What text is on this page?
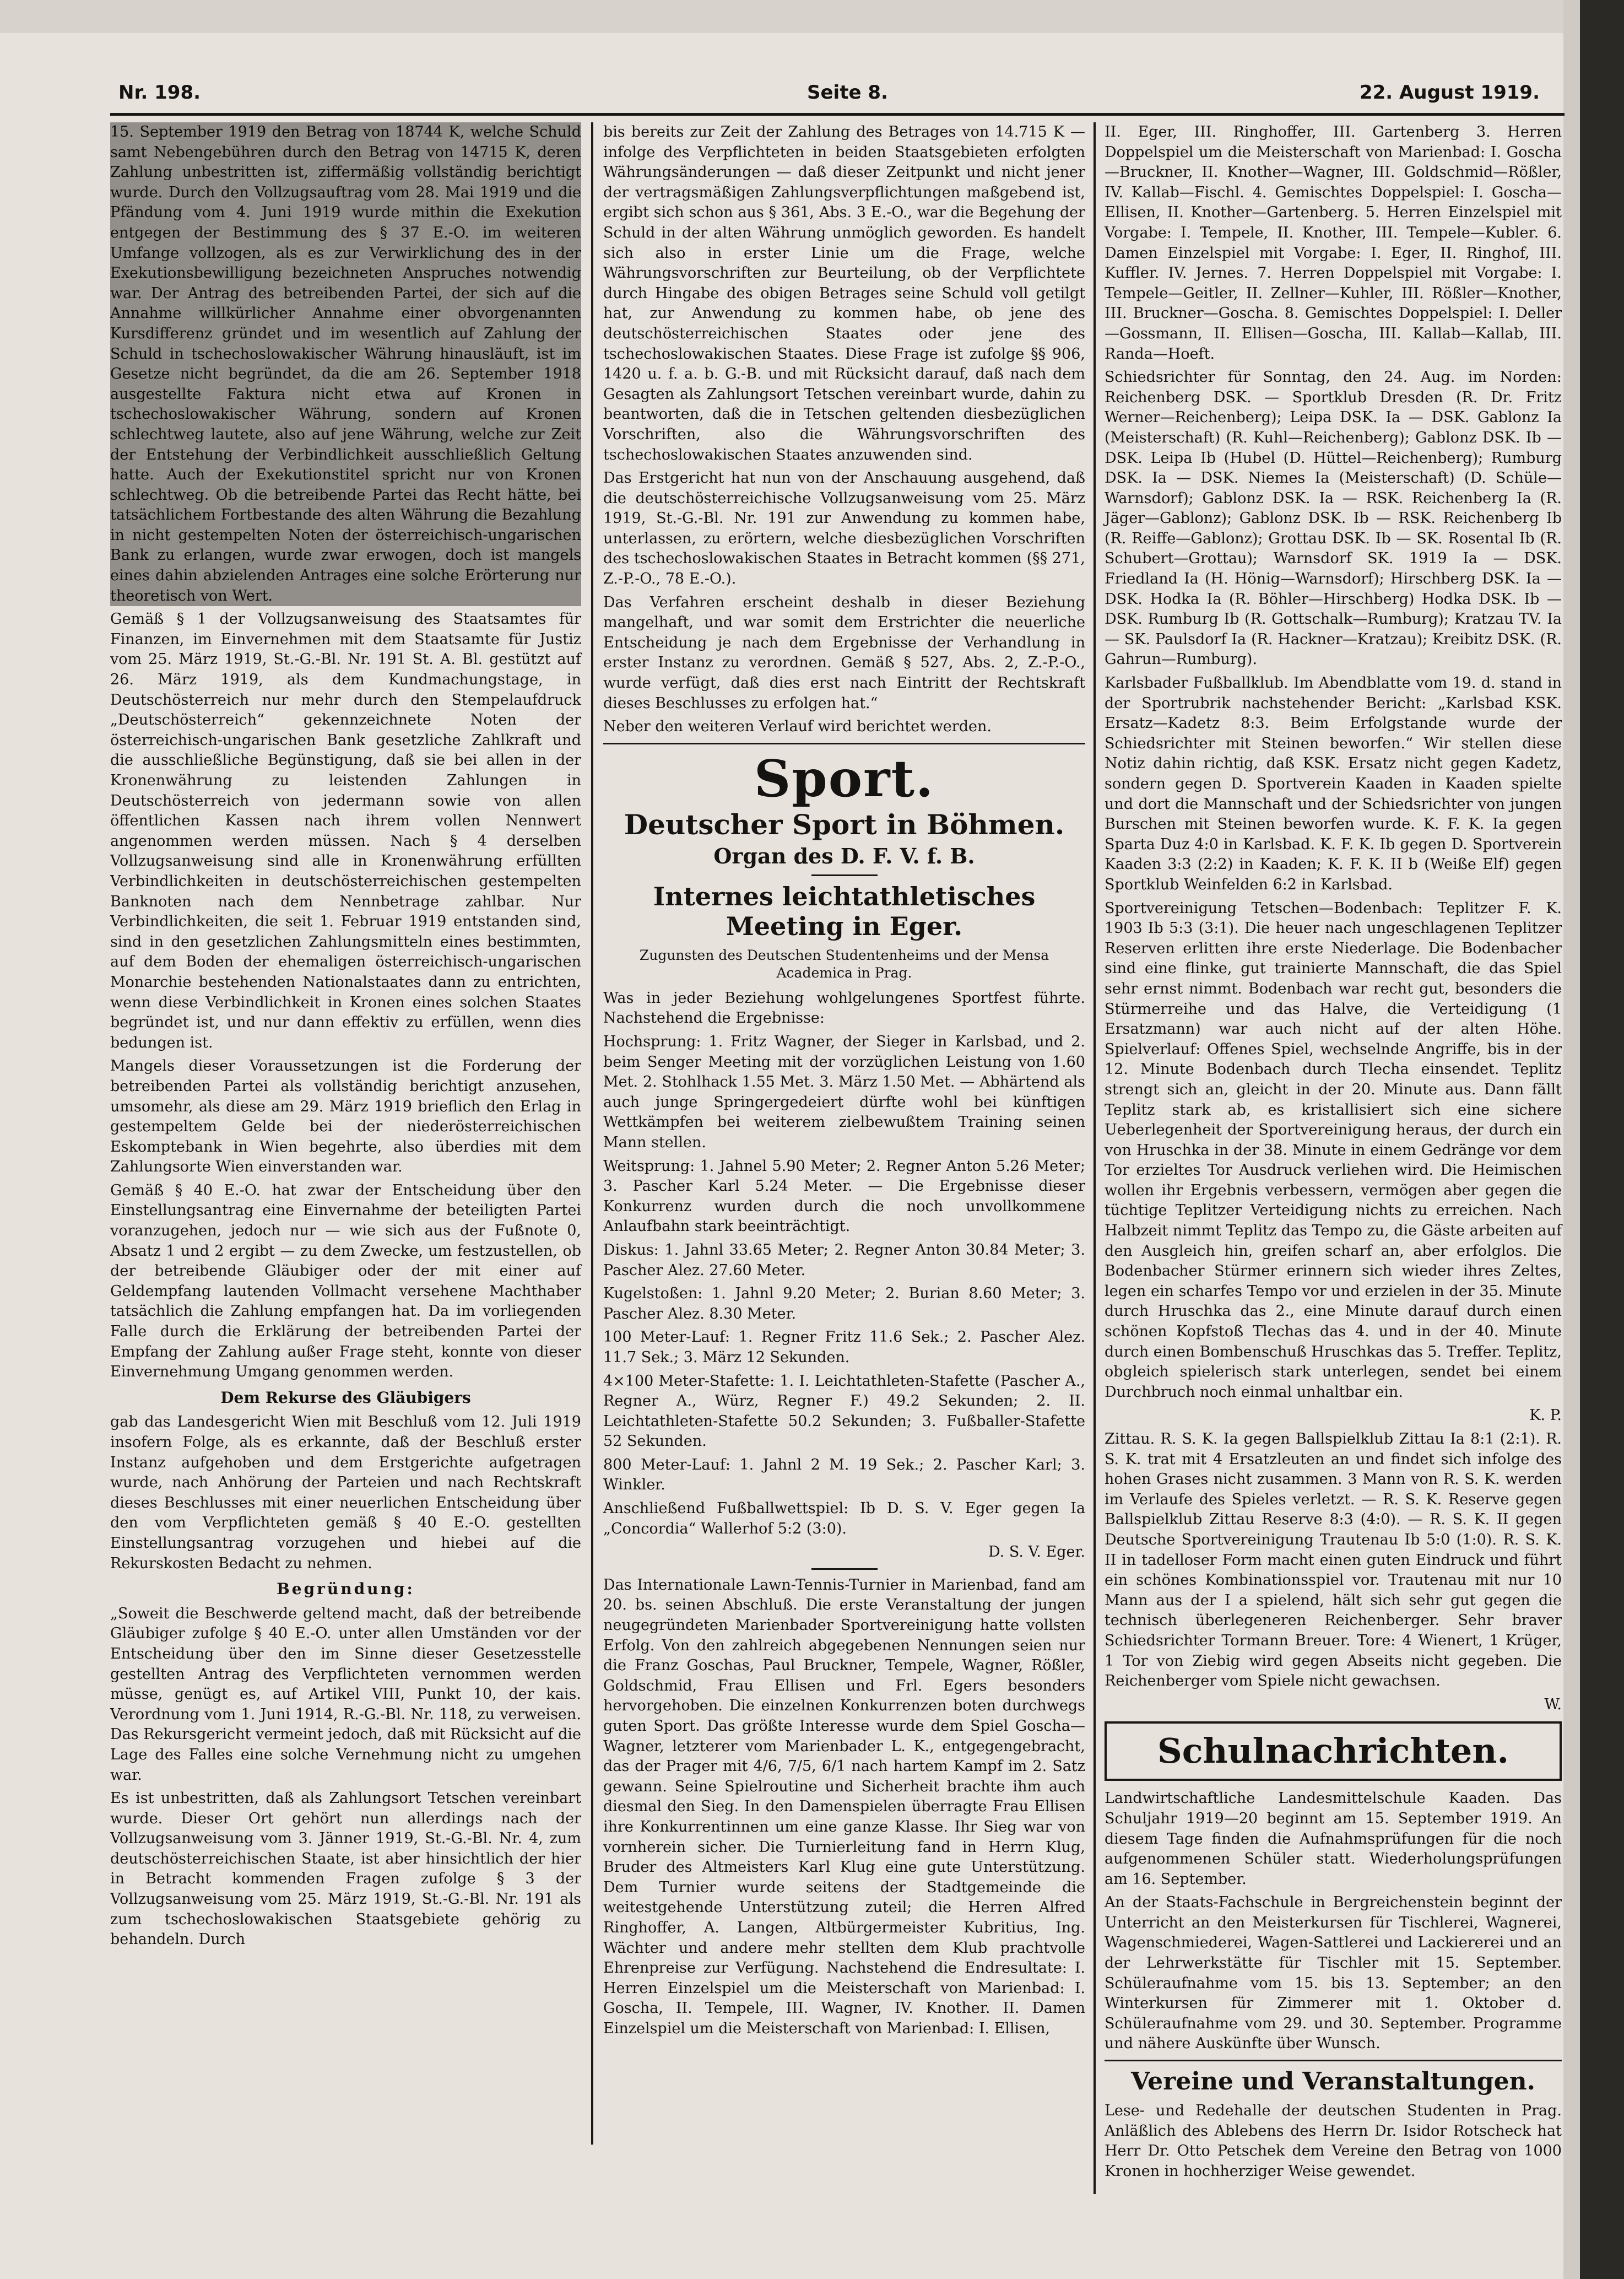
Nr. 198.	Seite 8.	22. August 1919.

15. September 1919 den Betrag von 18744 K, welche Schuld samt Nebengebühren durch den Betrag von 14715 K, deren Zahlung unbestritten ist, ziffermäßig vollständig berichtigt wurde. Durch den Vollzugsauftrag vom 28. Mai 1919 und die Pfändung vom 4. Juni 1919 wurde mithin die Exekution entgegen der Bestimmung des § 37 E.-O. im weiteren Umfange vollzogen, als es zur Verwirklichung des in der Exekutionsbewilligung bezeichneten Anspruches notwendig war. Der Antrag des betreibenden Partei, der sich auf die Annahme willkürlicher Annahme einer obvorgenannten Kursdifferenz gründet und im wesentlich auf Zahlung der Schuld in tschechoslowakischer Währung hinausläuft, ist im Gesetze nicht begründet, da die am 26. September 1918 ausgestellte Faktura nicht etwa auf Kronen in tschechoslowakischer Währung, sondern auf Kronen schlechtweg lautete, also auf jene Währung, welche zur Zeit der Entstehung der Verbindlichkeit ausschließlich Geltung hatte. Auch der Exekutionstitel spricht nur von Kronen schlechtweg. Ob die betreibende Partei das Recht hätte, bei tatsächlichem Fortbestande des alten Währung die Bezahlung in nicht gestempelten Noten der österreichisch-ungarischen Bank zu erlangen, wurde zwar erwogen, doch ist mangels eines dahin abzielenden Antrages eine solche Erörterung nur theoretisch von Wert.

Gemäß § 1 der Vollzugsanweisung des Staatsamtes für Finanzen, im Einvernehmen mit dem Staatsamte für Justiz vom 25. März 1919, St.-G.-Bl. Nr. 191 St. A. Bl. gestützt auf 26. März 1919, als dem Kundmachungstage, in Deutschösterreich nur mehr durch den Stempelaufdruck „Deutschösterreich“ gekennzeichnete Noten der österreichisch-ungarischen Bank gesetzliche Zahlkraft und die ausschließliche Begünstigung, daß sie bei allen in der Kronenwährung zu leistenden Zahlungen in Deutschösterreich von jedermann sowie von allen öffentlichen Kassen nach ihrem vollen Nennwert angenommen werden müssen. Nach § 4 derselben Vollzugsanweisung sind alle in Kronenwährung erfüllten Verbindlichkeiten in deutschösterreichischen gestempelten Banknoten nach dem Nennbetrage zahlbar. Nur Verbindlichkeiten, die seit 1. Februar 1919 entstanden sind, sind in den gesetzlichen Zahlungsmitteln eines bestimmten, auf dem Boden der ehemaligen österreichisch-ungarischen Monarchie bestehenden Nationalstaates dann zu entrichten, wenn diese Verbindlichkeit in Kronen eines solchen Staates begründet ist, und nur dann effektiv zu erfüllen, wenn dies bedungen ist.

Mangels dieser Voraussetzungen ist die Forderung der betreibenden Partei als vollständig berichtigt anzusehen, umsomehr, als diese am 29. März 1919 brieflich den Erlag in gestempeltem Gelde bei der niederösterreichischen Eskomptebank in Wien begehrte, also überdies mit dem Zahlungsorte Wien einverstanden war.

Gemäß § 40 E.-O. hat zwar der Entscheidung über den Einstellungsantrag eine Einvernahme der beteiligten Partei voranzugehen, jedoch nur — wie sich aus der Fußnote 0, Absatz 1 und 2 ergibt — zu dem Zwecke, um festzustellen, ob der betreibende Gläubiger oder der mit einer auf Geldempfang lautenden Vollmacht versehene Machthaber tatsächlich die Zahlung empfangen hat. Da im vorliegenden Falle durch die Erklärung der betreibenden Partei der Empfang der Zahlung außer Frage steht, konnte von dieser Einvernehmung Umgang genommen werden.

Dem Rekurse des Gläubigers

gab das Landesgericht Wien mit Beschluß vom 12. Juli 1919 insofern Folge, als es erkannte, daß der Beschluß erster Instanz aufgehoben und dem Erstgerichte aufgetragen wurde, nach Anhörung der Parteien und nach Rechtskraft dieses Beschlusses mit einer neuerlichen Entscheidung über den vom Verpflichteten gemäß § 40 E.-O. gestellten Einstellungsantrag vorzugehen und hiebei auf die Rekurskosten Bedacht zu nehmen.

Begründung:

„Soweit die Beschwerde geltend macht, daß der betreibende Gläubiger zufolge § 40 E.-O. unter allen Umständen vor der Entscheidung über den im Sinne dieser Gesetzesstelle gestellten Antrag des Verpflichteten vernommen werden müsse, genügt es, auf Artikel VIII, Punkt 10, der kais. Verordnung vom 1. Juni 1914, R.-G.-Bl. Nr. 118, zu verweisen. Das Rekursgericht vermeint jedoch, daß mit Rücksicht auf die Lage des Falles eine solche Vernehmung nicht zu umgehen war.

Es ist unbestritten, daß als Zahlungsort Tetschen vereinbart wurde. Dieser Ort gehört nun allerdings nach der Vollzugsanweisung vom 3. Jänner 1919, St.-G.-Bl. Nr. 4, zum deutschösterreichischen Staate, ist aber hinsichtlich der hier in Betracht kommenden Fragen zufolge § 3 der Vollzugsanweisung vom 25. März 1919, St.-G.-Bl. Nr. 191 als zum tschechoslowakischen Staatsgebiete gehörig zu behandeln. Durch

bis bereits zur Zeit der Zahlung des Betrages von 14.715 K — infolge des Verpflichteten in beiden Staatsgebieten erfolgten Währungsänderungen — daß dieser Zeitpunkt und nicht jener der vertragsmäßigen Zahlungsverpflichtungen maßgebend ist, ergibt sich schon aus § 361, Abs. 3 E.-O., war die Begehung der Schuld in der alten Währung unmöglich geworden. Es handelt sich also in erster Linie um die Frage, welche Währungsvorschriften zur Beurteilung, ob der Verpflichtete durch Hingabe des obigen Betrages seine Schuld voll getilgt hat, zur Anwendung zu kommen habe, ob jene des deutschösterreichischen Staates oder jene des tschechoslowakischen Staates. Diese Frage ist zufolge §§ 906, 1420 u. f. a. b. G.-B. und mit Rücksicht darauf, daß nach dem Gesagten als Zahlungsort Tetschen vereinbart wurde, dahin zu beantworten, daß die in Tetschen geltenden diesbezüglichen Vorschriften, also die Währungsvorschriften des tschechoslowakischen Staates anzuwenden sind.

Das Erstgericht hat nun von der Anschauung ausgehend, daß die deutschösterreichische Vollzugsanweisung vom 25. März 1919, St.-G.-Bl. Nr. 191 zur Anwendung zu kommen habe, unterlassen, zu erörtern, welche diesbezüglichen Vorschriften des tschechoslowakischen Staates in Betracht kommen (§§ 271, Z.-P.-O., 78 E.-O.).

Das Verfahren erscheint deshalb in dieser Beziehung mangelhaft, und war somit dem Erstrichter die neuerliche Entscheidung je nach dem Ergebnisse der Verhandlung in erster Instanz zu verordnen. Gemäß § 527, Abs. 2, Z.-P.-O., wurde verfügt, daß dies erst nach Eintritt der Rechtskraft dieses Beschlusses zu erfolgen hat.“

Neber den weiteren Verlauf wird berichtet werden.

Sport.
Deutscher Sport in Böhmen.
Organ des D. F. V. f. B.
Internes leichtathletisches Meeting in Eger.
Zugunsten des Deutschen Studentenheims und der Mensa Academica in Prag.

Was in jeder Beziehung wohlgelungenes Sportfest führte. Nachstehend die Ergebnisse:

Hochsprung: 1. Fritz Wagner, der Sieger in Karlsbad, und 2. beim Senger Meeting mit der vorzüglichen Leistung von 1.60 Met. 2. Stohlhack 1.55 Met. 3. März 1.50 Met. — Abhärtend als auch junge Springergedeiert dürfte wohl bei künftigen Wettkämpfen bei weiterem zielbewußtem Training seinen Mann stellen.

Weitsprung: 1. Jahnel 5.90 Meter; 2. Regner Anton 5.26 Meter; 3. Pascher Karl 5.24 Meter. — Die Ergebnisse dieser Konkurrenz wurden durch die noch unvollkommene Anlaufbahn stark beeinträchtigt.

Diskus: 1. Jahnl 33.65 Meter; 2. Regner Anton 30.84 Meter; 3. Pascher Alez. 27.60 Meter.

Kugelstoßen: 1. Jahnl 9.20 Meter; 2. Burian 8.60 Meter; 3. Pascher Alez. 8.30 Meter.

100 Meter-Lauf: 1. Regner Fritz 11.6 Sek.; 2. Pascher Alez. 11.7 Sek.; 3. März 12 Sekunden.

4×100 Meter-Stafette: 1. I. Leichtathleten-Stafette (Pascher A., Regner A., Würz, Regner F.) 49.2 Sekunden; 2. II. Leichtathleten-Stafette 50.2 Sekunden; 3. Fußballer-Stafette 52 Sekunden.

800 Meter-Lauf: 1. Jahnl 2 M. 19 Sek.; 2. Pascher Karl; 3. Winkler.

Anschließend Fußballwettspiel: Ib D. S. V. Eger gegen Ia „Concordia“ Wallerhof 5:2 (3:0).

D. S. V. Eger.

Das Internationale Lawn-Tennis-Turnier in Marienbad, fand am 20. bs. seinen Abschluß. Die erste Veranstaltung der jungen neugegründeten Marienbader Sportvereinigung hatte vollsten Erfolg. Von den zahlreich abgegebenen Nennungen seien nur die Franz Goschas, Paul Bruckner, Tempele, Wagner, Rößler, Goldschmid, Frau Ellisen und Frl. Egers besonders hervorgehoben. Die einzelnen Konkurrenzen boten durchwegs guten Sport. Das größte Interesse wurde dem Spiel Goscha—Wagner, letzterer vom Marienbader L. K., entgegengebracht, das der Prager mit 4/6, 7/5, 6/1 nach hartem Kampf im 2. Satz gewann. Seine Spielroutine und Sicherheit brachte ihm auch diesmal den Sieg. In den Damenspielen überragte Frau Ellisen ihre Konkurrentinnen um eine ganze Klasse. Ihr Sieg war von vornherein sicher. Die Turnierleitung fand in Herrn Klug, Bruder des Altmeisters Karl Klug eine gute Unterstützung. Dem Turnier wurde seitens der Stadtgemeinde die weitestgehende Unterstützung zuteil; die Herren Alfred Ringhoffer, A. Langen, Altbürgermeister Kubritius, Ing. Wächter und andere mehr stellten dem Klub prachtvolle Ehrenpreise zur Verfügung. Nachstehend die Endresultate: I. Herren Einzelspiel um die Meisterschaft von Marienbad: I. Goscha, II. Tempele, III. Wagner, IV. Knother. II. Damen Einzelspiel um die Meisterschaft von Marienbad: I. Ellisen,

II. Eger, III. Ringhoffer, III. Gartenberg 3. Herren Doppelspiel um die Meisterschaft von Marienbad: I. Goscha—Bruckner, II. Knother—Wagner, III. Goldschmid—Rößler, IV. Kallab—Fischl. 4. Gemischtes Doppelspiel: I. Goscha—Ellisen, II. Knother—Gartenberg. 5. Herren Einzelspiel mit Vorgabe: I. Tempele, II. Knother, III. Tempele—Kubler. 6. Damen Einzelspiel mit Vorgabe: I. Eger, II. Ringhof, III. Kuffler. IV. Jernes. 7. Herren Doppelspiel mit Vorgabe: I. Tempele—Geitler, II. Zellner—Kuhler, III. Rößler—Knother, III. Bruckner—Goscha. 8. Gemischtes Doppelspiel: I. Deller—Gossmann, II. Ellisen—Goscha, III. Kallab—Kallab, III. Randa—Hoeft.

Schiedsrichter für Sonntag, den 24. Aug. im Norden: Reichenberg DSK. — Sportklub Dresden (R. Dr. Fritz Werner—Reichenberg); Leipa DSK. Ia — DSK. Gablonz Ia (Meisterschaft) (R. Kuhl—Reichenberg); Gablonz DSK. Ib — DSK. Leipa Ib (Hubel (D. Hüttel—Reichenberg); Rumburg DSK. Ia — DSK. Niemes Ia (Meisterschaft) (D. Schüle—Warnsdorf); Gablonz DSK. Ia — RSK. Reichenberg Ia (R. Jäger—Gablonz); Gablonz DSK. Ib — RSK. Reichenberg Ib (R. Reiffe—Gablonz); Grottau DSK. Ib — SK. Rosental Ib (R. Schubert—Grottau); Warnsdorf SK. 1919 Ia — DSK. Friedland Ia (H. Hönig—Warnsdorf); Hirschberg DSK. Ia — DSK. Hodka Ia (R. Böhler—Hirschberg) Hodka DSK. Ib — DSK. Rumburg Ib (R. Gottschalk—Rumburg); Kratzau TV. Ia — SK. Paulsdorf Ia (R. Hackner—Kratzau); Kreibitz DSK. (R. Gahrun—Rumburg).

Karlsbader Fußballklub. Im Abendblatte vom 19. d. stand in der Sportrubrik nachstehender Bericht: „Karlsbad KSK. Ersatz—Kadetz 8:3. Beim Erfolgstande wurde der Schiedsrichter mit Steinen beworfen.“ Wir stellen diese Notiz dahin richtig, daß KSK. Ersatz nicht gegen Kadetz, sondern gegen D. Sportverein Kaaden in Kaaden spielte und dort die Mannschaft und der Schiedsrichter von jungen Burschen mit Steinen beworfen wurde. K. F. K. Ia gegen Sparta Duz 4:0 in Karlsbad. K. F. K. Ib gegen D. Sportverein Kaaden 3:3 (2:2) in Kaaden; K. F. K. II b (Weiße Elf) gegen Sportklub Weinfelden 6:2 in Karlsbad.

Sportvereinigung Tetschen—Bodenbach: Teplitzer F. K. 1903 Ib 5:3 (3:1). Die heuer nach ungeschlagenen Teplitzer Reserven erlitten ihre erste Niederlage. Die Bodenbacher sind eine flinke, gut trainierte Mannschaft, die das Spiel sehr ernst nimmt. Bodenbach war recht gut, besonders die Stürmerreihe und das Halve, die Verteidigung (1 Ersatzmann) war auch nicht auf der alten Höhe. Spielverlauf: Offenes Spiel, wechselnde Angriffe, bis in der 12. Minute Bodenbach durch Tlecha einsendet. Teplitz strengt sich an, gleicht in der 20. Minute aus. Dann fällt Teplitz stark ab, es kristallisiert sich eine sichere Ueberlegenheit der Sportvereinigung heraus, der durch ein von Hruschka in der 38. Minute in einem Gedränge vor dem Tor erzieltes Tor Ausdruck verliehen wird. Die Heimischen wollen ihr Ergebnis verbessern, vermögen aber gegen die tüchtige Teplitzer Verteidigung nichts zu erreichen. Nach Halbzeit nimmt Teplitz das Tempo zu, die Gäste arbeiten auf den Ausgleich hin, greifen scharf an, aber erfolglos. Die Bodenbacher Stürmer erinnern sich wieder ihres Zeltes, legen ein scharfes Tempo vor und erzielen in der 35. Minute durch Hruschka das 2., eine Minute darauf durch einen schönen Kopfstoß Tlechas das 4. und in der 40. Minute durch einen Bombenschuß Hruschkas das 5. Treffer. Teplitz, obgleich spielerisch stark unterlegen, sendet bei einem Durchbruch noch einmal unhaltbar ein.

K. P.

Zittau. R. S. K. Ia gegen Ballspielklub Zittau Ia 8:1 (2:1). R. S. K. trat mit 4 Ersatzleuten an und findet sich infolge des hohen Grases nicht zusammen. 3 Mann von R. S. K. werden im Verlaufe des Spieles verletzt. — R. S. K. Reserve gegen Ballspielklub Zittau Reserve 8:3 (4:0). — R. S. K. II gegen Deutsche Sportvereinigung Trautenau Ib 5:0 (1:0). R. S. K. II in tadelloser Form macht einen guten Eindruck und führt ein schönes Kombinationsspiel vor. Trautenau mit nur 10 Mann aus der I a spielend, hält sich sehr gut gegen die technisch überlegeneren Reichenberger. Sehr braver Schiedsrichter Tormann Breuer. Tore: 4 Wienert, 1 Krüger, 1 Tor von Ziebig wird gegen Abseits nicht gegeben. Die Reichenberger vom Spiele nicht gewachsen.

W.

Schulnachrichten.

Landwirtschaftliche Landesmittelschule Kaaden. Das Schuljahr 1919—20 beginnt am 15. September 1919. An diesem Tage finden die Aufnahmsprüfungen für die noch aufgenommenen Schüler statt. Wiederholungsprüfungen am 16. September.

An der Staats-Fachschule in Bergreichenstein beginnt der Unterricht an den Meisterkursen für Tischlerei, Wagnerei, Wagenschmiederei, Wagen-Sattlerei und Lackiererei und an der Lehrwerkstätte für Tischler mit 15. September. Schüleraufnahme vom 15. bis 13. September; an den Winterkursen für Zimmerer mit 1. Oktober d. Schüleraufnahme vom 29. und 30. September. Programme und nähere Auskünfte über Wunsch.

Vereine und Veranstaltungen.

Lese- und Redehalle der deutschen Studenten in Prag. Anläßlich des Ablebens des Herrn Dr. Isidor Rotscheck hat Herr Dr. Otto Petschek dem Vereine den Betrag von 1000 Kronen in hochherziger Weise gewendet.
